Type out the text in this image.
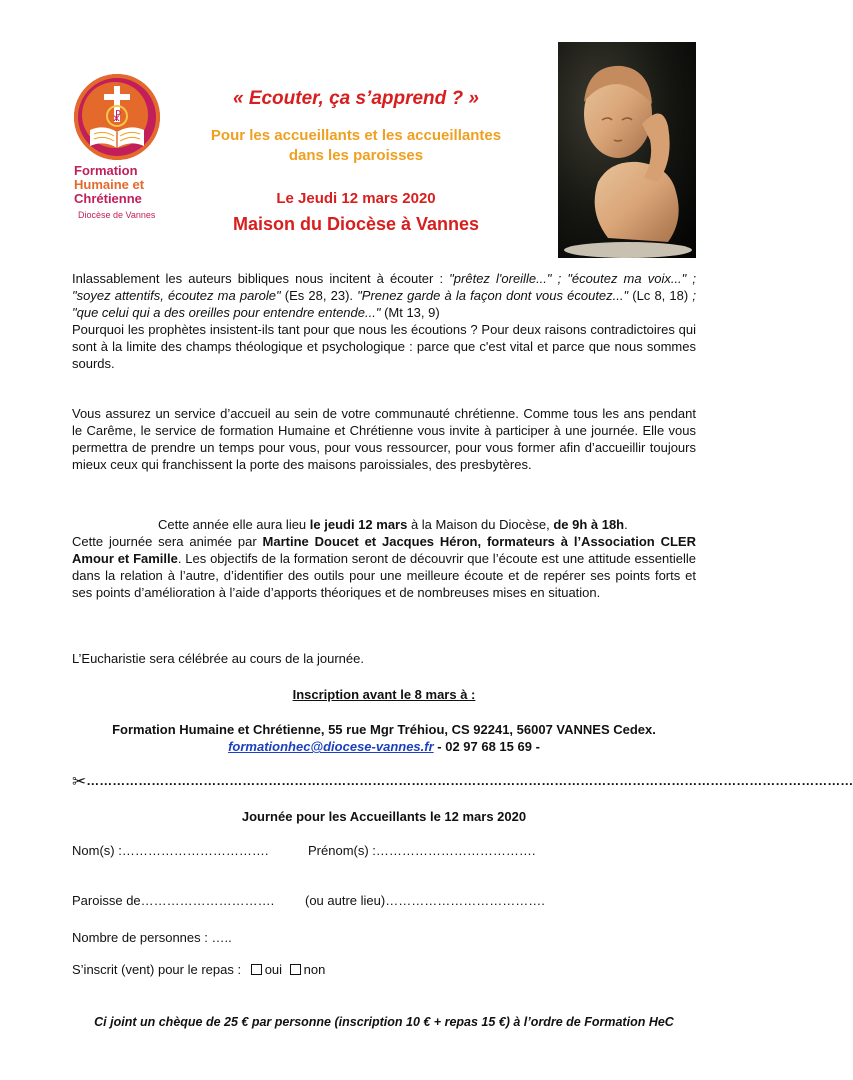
☧
Formation
Humaine et
Chrétienne
Diocèse de Vannes
« Ecouter, ça s’apprend ? »
Pour les accueillants et les accueillantes
dans les paroisses
Le Jeudi 12 mars 2020
Maison du Diocèse à Vannes
Inlassablement les auteurs bibliques nous incitent à écouter : "prêtez l'oreille..." ; "écoutez ma voix..." ; "soyez attentifs, écoutez ma parole" (Es 28, 23). "Prenez garde à la façon dont vous écoutez..." (Lc 8, 18) ; "que celui qui a des oreilles pour entendre entende..." (Mt 13, 9)
Pourquoi les prophètes insistent-ils tant pour que nous les écoutions ? Pour deux raisons contradictoires qui sont à la limite des champs théologique et psychologique : parce que c'est vital et parce que nous sommes sourds.
Vous assurez un service d’accueil au sein de votre communauté chrétienne. Comme tous les ans pendant le Carême, le service de formation Humaine et Chrétienne vous invite à participer à une journée. Elle vous permettra de prendre un temps pour vous, pour vous ressourcer, pour vous former afin d’accueillir toujours mieux ceux qui franchissent la porte des maisons paroissiales, des presbytères.
Cette année elle aura lieu le jeudi 12 mars à la Maison du Diocèse, de 9h à 18h.
Cette journée sera animée par Martine Doucet et Jacques Héron, formateurs à l’Association CLER Amour et Famille. Les objectifs de la formation seront de découvrir que l’écoute est une attitude essentielle dans la relation à l’autre, d’identifier des outils pour une meilleure écoute et de repérer ses points forts et ses points d’amélioration à l’aide d’apports théoriques et de nombreuses mises en situation.
L’Eucharistie sera célébrée au cours de la journée.
Inscription avant le 8 mars à :
Formation Humaine et Chrétienne, 55 rue Mgr Tréhiou, CS 92241, 56007 VANNES Cedex.
formationhec@diocese-vannes.fr - 02 97 68 15 69 -
✂……………………………………………………………………………………………………………………………………………………………
Journée pour les Accueillants le 12 mars 2020
Nom(s) :…………………………….	Prénom(s) :……………………………….
Paroisse de…………………………. (ou autre lieu)……………………………….
Nombre de personnes : …..
S’inscrit (vent) pour le repas : oui non
Ci joint un chèque de 25 € par personne (inscription 10 € + repas 15 €) à l’ordre de Formation HeC
